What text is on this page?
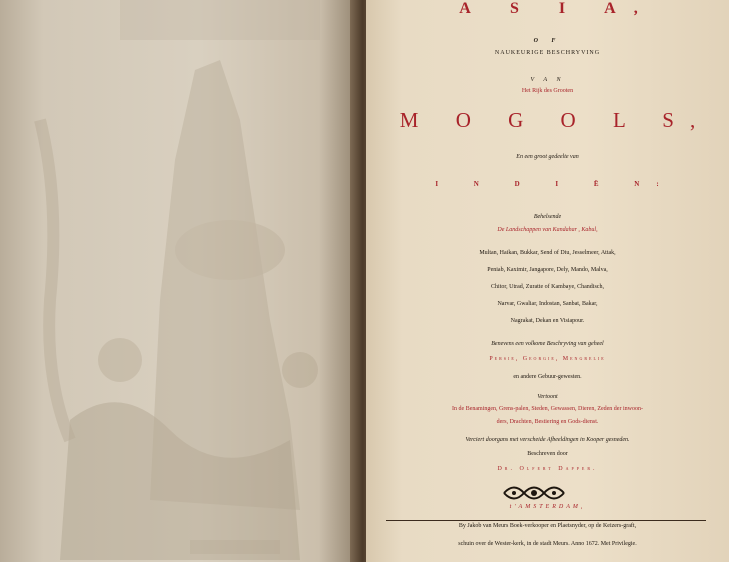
A S I A,
O F
NAUKEURIGE BESCHRYVING
V A N
Het Rijk des Grooten
M O G O L S,
En een groot gedeelte van
I N D I Ë N:
Behelsende
De Landschappen van Kandahar , Kabul,
Multan, Haikan, Bukkar, Send of Diu, Jesselmeer, Attak,
Peniab, Kaximir, Jangapore, Dely, Mando, Malva,
Chitor, Utrad, Zuratte of Kambaye, Chandisch,
Narvar, Gwaliar, Indostan, Sanbat, Bakar,
Nagrakat, Dekan en Visiapour.
Benevens een volkome Beschryving van geheel
Persie, Georgie, Mengrelie
en andere Gebuur-gewesten.
Vertoont
In de Benamingen, Grens-palen, Steden, Gewassen, Dieren, Zeden der inwoon-
ders, Drachten, Bestiering en Gods-dienst.
Verciert doorgans met verscheide Afbeeldingen in Kooper gesneden.
Beschreven door
Dr. Olfert Dapper.
t'AMSTERDAM,
By Jakob van Meurs Boek-verkooper en Plaetsnyder, op de Keizers-graft,
schuin over de Wester-kerk, in de stadt Meurs. Anno 1672. Met Privilegie.
